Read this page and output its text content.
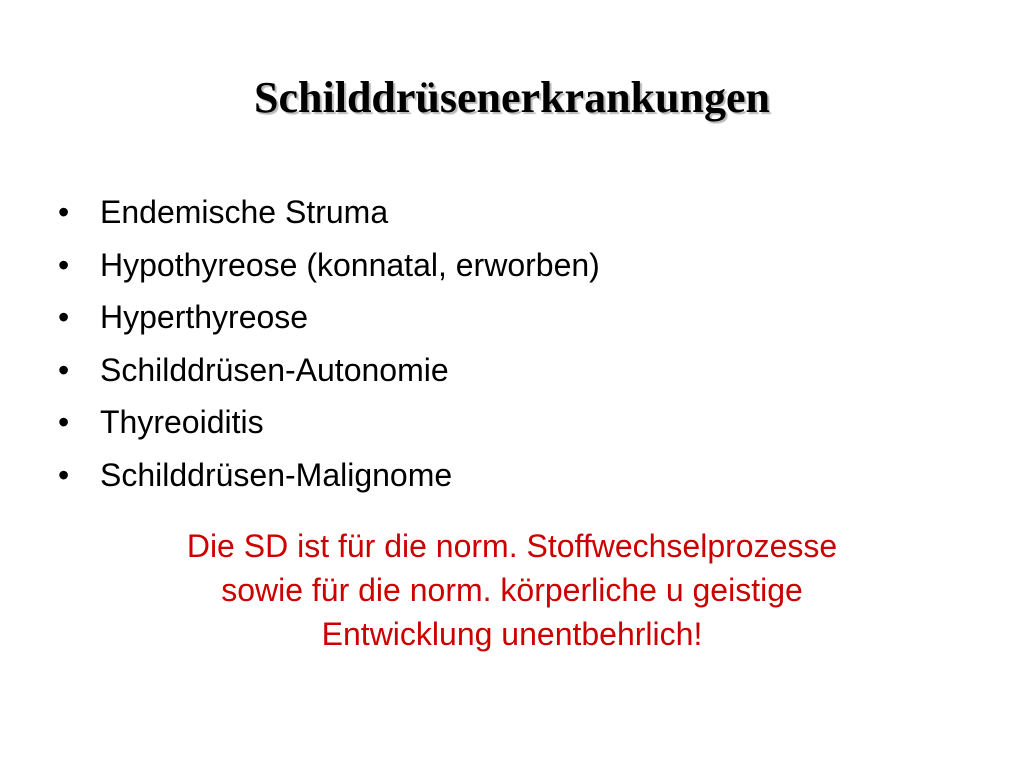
Schilddrüsenerkrankungen
• Endemische Struma
• Hypothyreose (konnatal, erworben)
• Hyperthyreose
• Schilddrüsen-Autonomie
• Thyreoiditis
• Schilddrüsen-Malignome

Die SD ist für die norm. Stoffwechselprozesse
sowie für die norm. körperliche u geistige
Entwicklung unentbehrlich!
